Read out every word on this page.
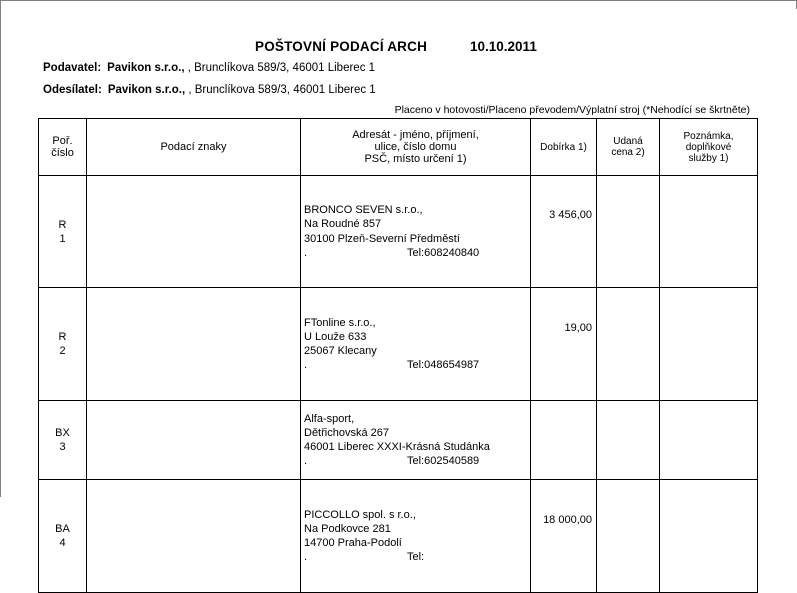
POŠTOVNÍ PODACÍ ARCH	10.10.2011
Podavatel: Pavikon s.r.o., , Brunclíkova 589/3, 46001 Liberec 1
Odesílatel: Pavikon s.r.o., , Brunclíkova 589/3, 46001 Liberec 1
Placeno v hotovosti/Placeno převodem/Výplatní stroj (*Nehodící se škrtněte)
Poř.
číslo	Podací znaky	Adresát - jméno, příjmení,
ulice, číslo domu
PSČ, místo určení 1)	Dobírka 1)	Udaná
cena 2)	Poznámka,
doplňkové
služby 1)

R
1		BRONCO SEVEN s.r.o.,
Na Roudné 857
30100 Plzeň-Severní Předměstí
. Tel:608240840	3 456,00		

R
2		FTonline s.r.o.,
U Louže 633
25067 Klecany
. Tel:048654987	19,00		

BX
3		Alfa-sport,
Dětřichovská 267
46001 Liberec XXXI-Krásná Studánka
. Tel:602540589			

BA
4		PICCOLLO spol. s r.o.,
Na Podkovce 281
14700 Praha-Podolí
. Tel:	18 000,00		
